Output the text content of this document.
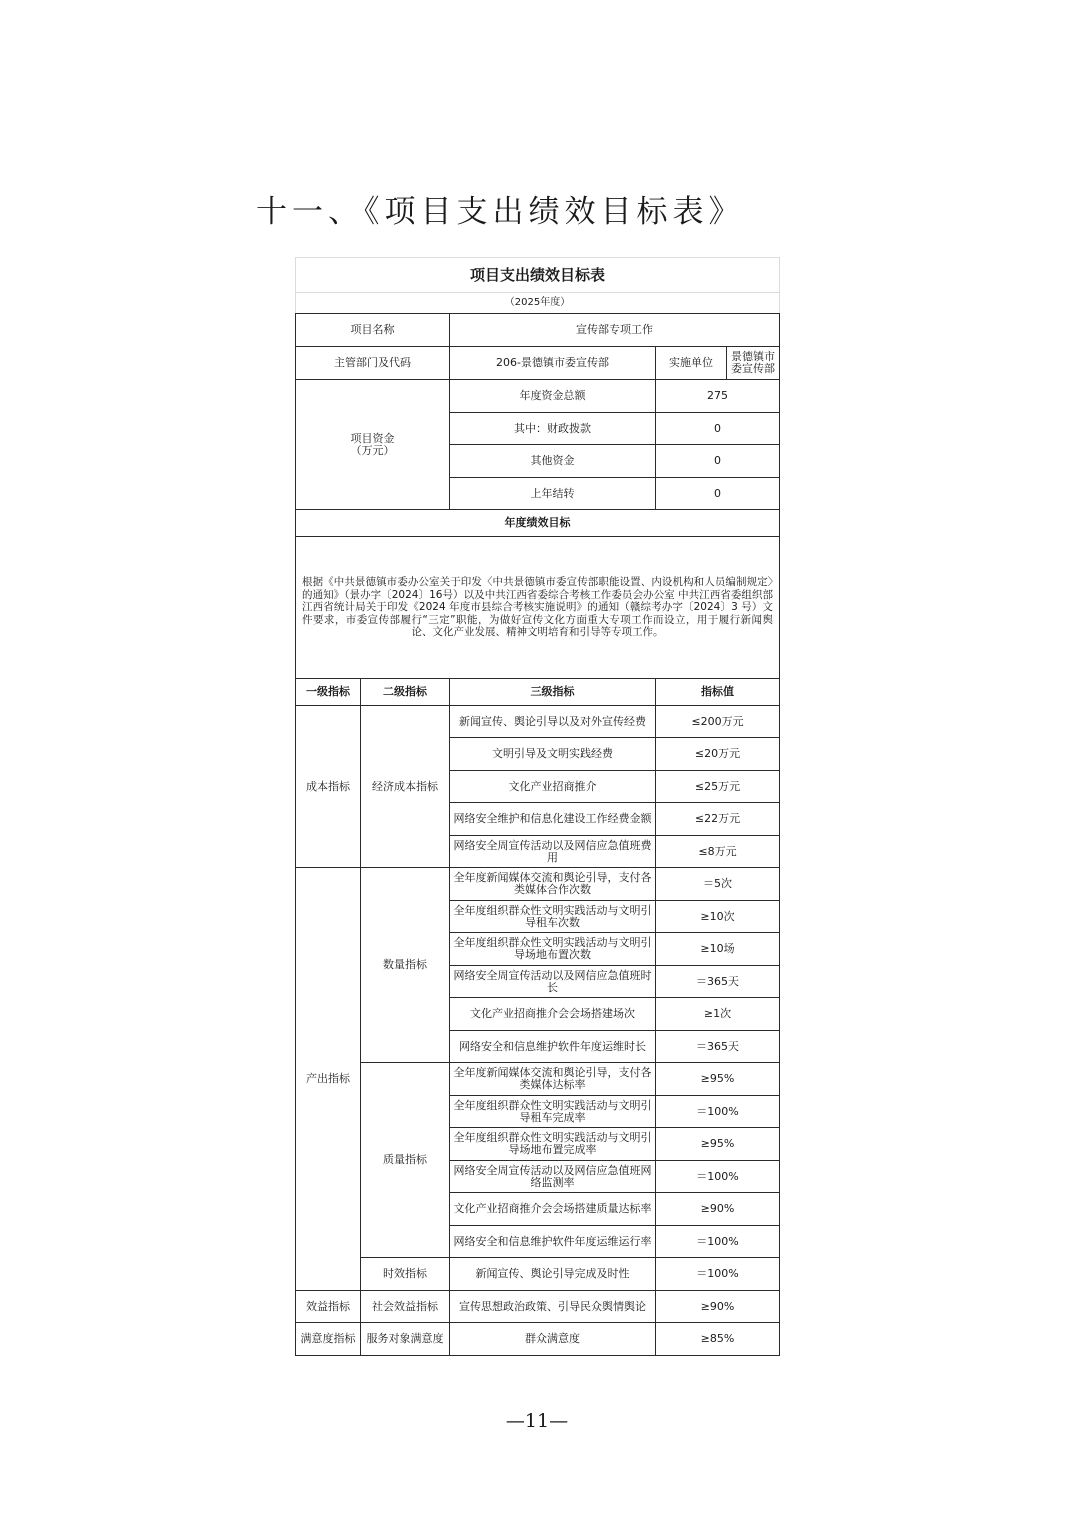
十一、《项目支出绩效目标表》
项目支出绩效目标表			
（2025年度）			
项目名称		宣传部专项工作	
主管部门及代码		206-景德镇市委宣传部	实施单位 景德镇市委宣传部

项目资金
（万元）		年度资金总额	275
		其中：财政拨款	0
		其他资金	0
		上年结转	0
年度绩效目标			
根据《中共景德镇市委办公室关于印发〈中共景德镇市委宣传部职能设置、内设机构和人员编制规定〉的通知》（景办字〔2024〕16号）以及中共江西省委综合考核工作委员会办公室 中共江西省委组织部 江西省统计局关于印发《2024 年度市县综合考核实施说明》的通知（赣综考办字〔2024〕3 号）文件要求，市委宣传部履行“三定”职能，为做好宣传文化方面重大专项工作而设立，用于履行新闻舆论、文化产业发展、精神文明培育和引导等专项工作。			
一级指标	二级指标	三级指标	指标值
成本指标	经济成本指标	新闻宣传、舆论引导以及对外宣传经费	≤200万元
		文明引导及文明实践经费	≤20万元
		文化产业招商推介	≤25万元
		网络安全维护和信息化建设工作经费金额	≤22万元
		网络安全周宣传活动以及网信应急值班费用	≤8万元
产出指标	数量指标	全年度新闻媒体交流和舆论引导，支付各类媒体合作次数	＝5次
		全年度组织群众性文明实践活动与文明引导租车次数	≥10次
		全年度组织群众性文明实践活动与文明引导场地布置次数	≥10场
		网络安全周宣传活动以及网信应急值班时长	＝365天
		文化产业招商推介会会场搭建场次	≥1次
		网络安全和信息维护软件年度运维时长	＝365天
	质量指标	全年度新闻媒体交流和舆论引导，支付各类媒体达标率	≥95%
		全年度组织群众性文明实践活动与文明引导租车完成率	＝100%
		全年度组织群众性文明实践活动与文明引导场地布置完成率	≥95%
		网络安全周宣传活动以及网信应急值班网络监测率	＝100%
		文化产业招商推介会会场搭建质量达标率	≥90%
		网络安全和信息维护软件年度运维运行率	＝100%
	时效指标	新闻宣传、舆论引导完成及时性	＝100%
效益指标	社会效益指标	宣传思想政治政策、引导民众舆情舆论	≥90%
满意度指标	服务对象满意度	群众满意度	≥85%
—11—
